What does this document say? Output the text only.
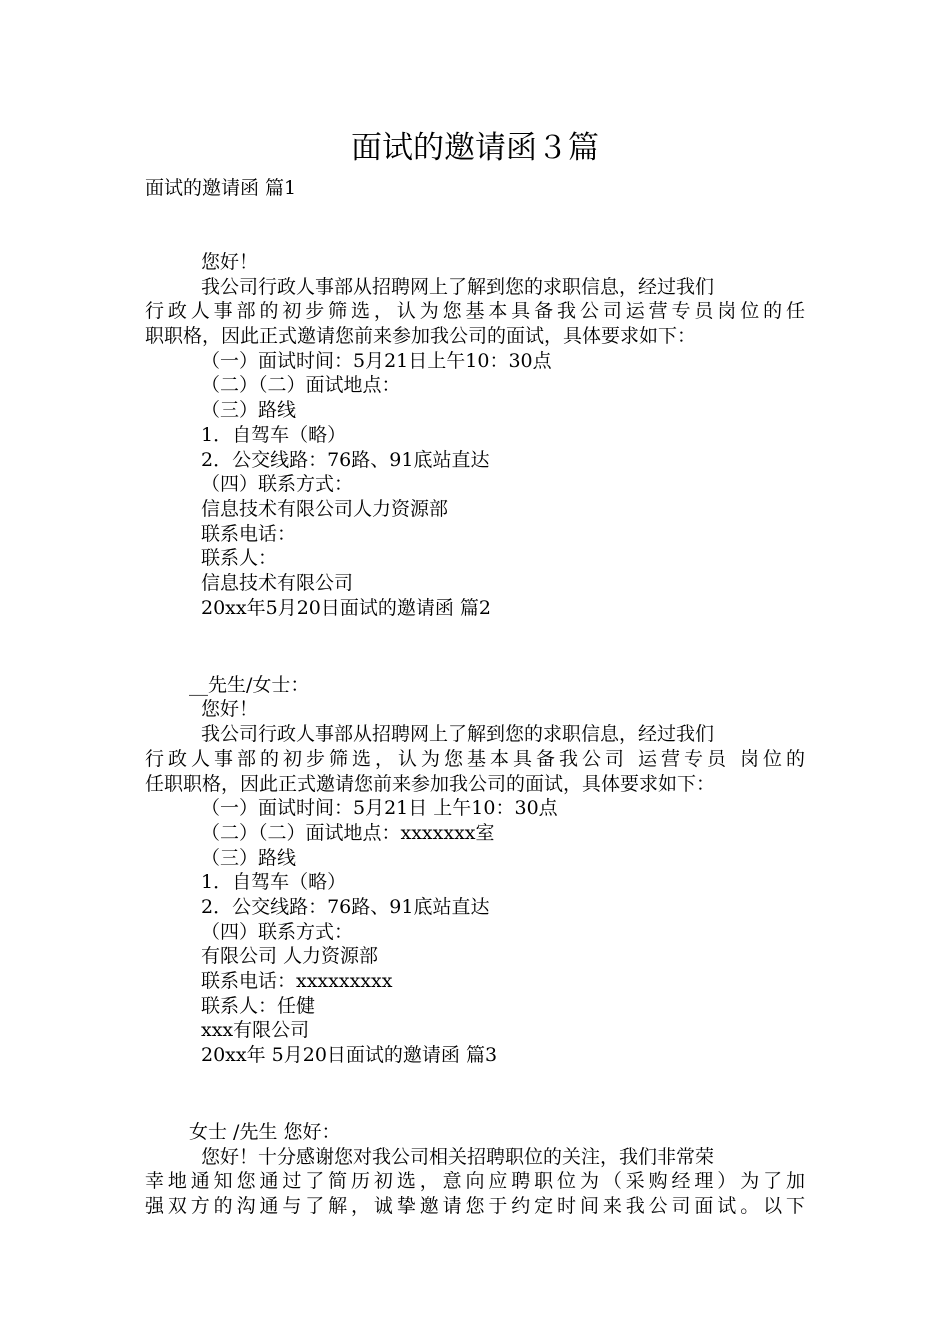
面试的邀请函３篇
面试的邀请函 篇1
您好！
我公司行政人事部从招聘网上了解到您的求职信息，经过我们
行政人事部的初步筛选，认为您基本具备我公司运营专员岗位的任
职职格，因此正式邀请您前来参加我公司的面试，具体要求如下：
（一）面试时间：5月21日上午10：30点
（二）（二）面试地点：
（三）路线
1．自驾车（略）
2．公交线路：76路、91底站直达
（四）联系方式：
信息技术有限公司人力资源部
联系电话：
联系人：
信息技术有限公司
20xx年5月20日面试的邀请函 篇2
__先生/女士：
您好！
我公司行政人事部从招聘网上了解到您的求职信息，经过我们
行政人事部的初步筛选，认为您基本具备我公司 运营专员 岗位的
任职职格，因此正式邀请您前来参加我公司的面试，具体要求如下：
（一）面试时间：5月21日 上午10：30点
（二）（二）面试地点：xxxxxxx室
（三）路线
1．自驾车（略）
2．公交线路：76路、91底站直达
（四）联系方式：
有限公司 人力资源部
联系电话：xxxxxxxxx
联系人：任健
xxx有限公司
20xx年 5月20日面试的邀请函 篇3
女士 /先生 您好：
您好！十分感谢您对我公司相关招聘职位的关注，我们非常荣
幸地通知您通过了简历初选，意向应聘职位为（采购经理）为了加
强双方的沟通与了解，诚挚邀请您于约定时间来我公司面试。以下
